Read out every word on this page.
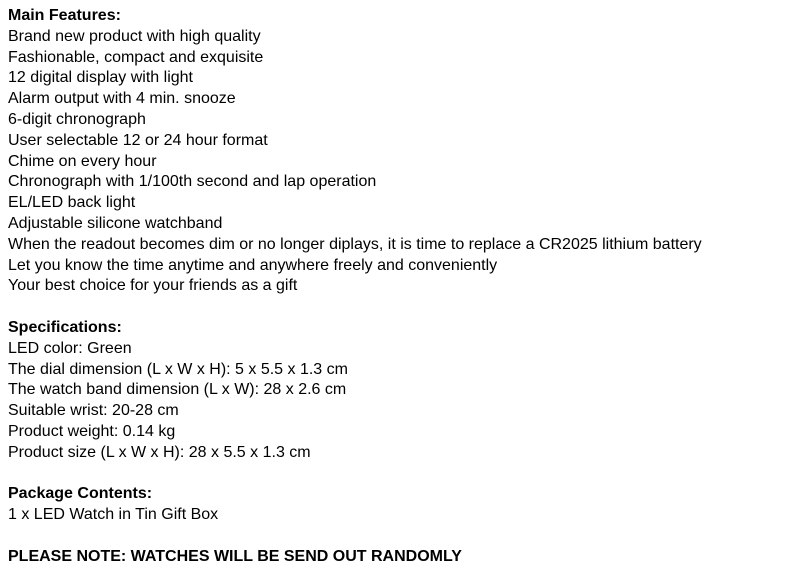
Main Features:
Brand new product with high quality
Fashionable, compact and exquisite
12 digital display with light
Alarm output with 4 min. snooze
6-digit chronograph
User selectable 12 or 24 hour format
Chime on every hour
Chronograph with 1/100th second and lap operation
EL/LED back light
Adjustable silicone watchband
When the readout becomes dim or no longer diplays, it is time to replace a CR2025 lithium battery
Let you know the time anytime and anywhere freely and conveniently
Your best choice for your friends as a gift
Specifications:
LED color: Green
The dial dimension (L x W x H): 5 x 5.5 x 1.3 cm
The watch band dimension (L x W): 28 x 2.6 cm
Suitable wrist: 20-28 cm
Product weight: 0.14 kg
Product size (L x W x H): 28 x 5.5 x 1.3 cm
Package Contents:
1 x LED Watch in Tin Gift Box
PLEASE NOTE: WATCHES WILL BE SEND OUT RANDOMLY
